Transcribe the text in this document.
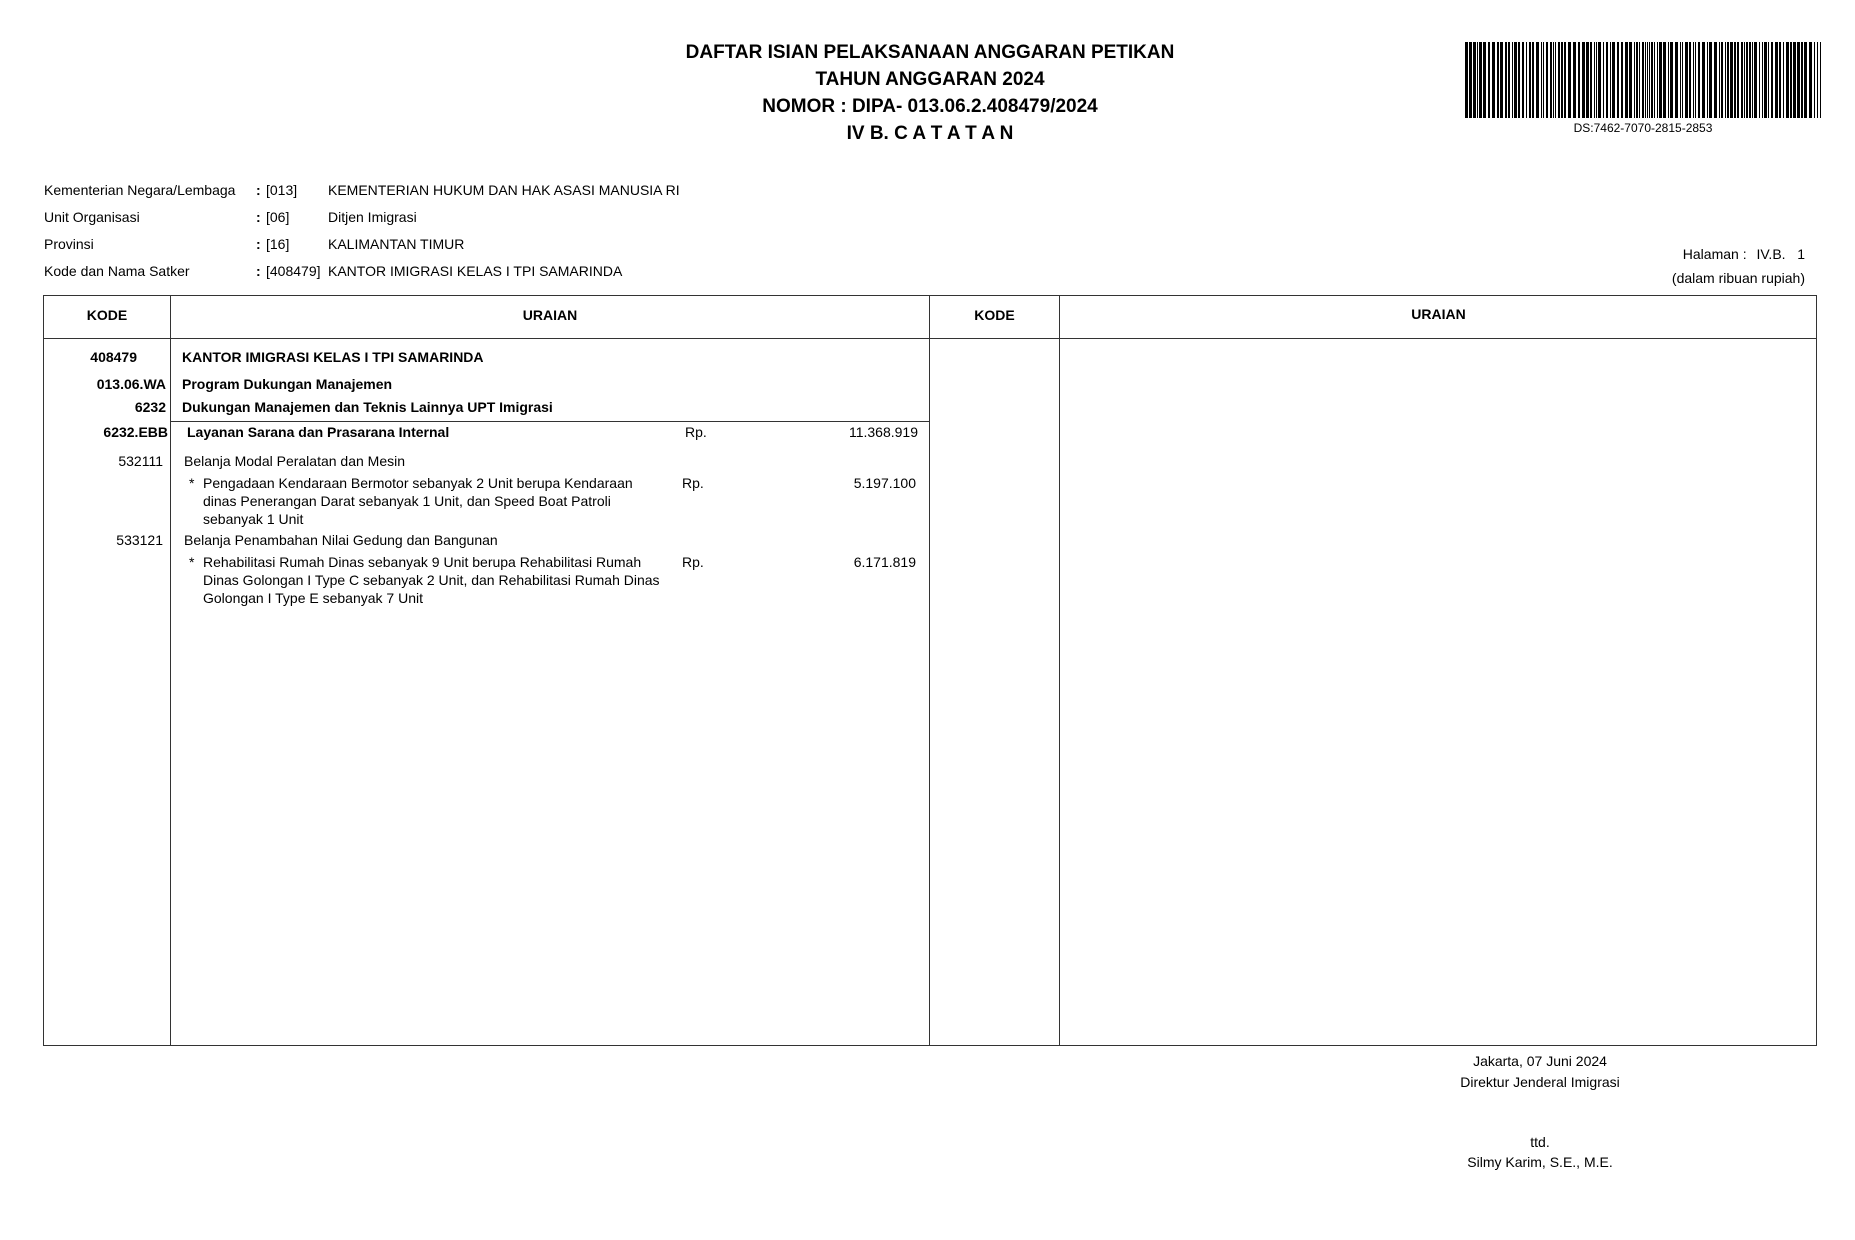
DAFTAR ISIAN PELAKSANAAN ANGGARAN PETIKAN
TAHUN ANGGARAN 2024
NOMOR : DIPA- 013.06.2.408479/2024
IV B. C A T A T A N	DS:7462-7070-2815-2853
Kementerian Negara/Lembaga : [013] KEMENTERIAN HUKUM DAN HAK ASASI MANUSIA RI
Unit Organisasi	: [06]	Ditjen Imigrasi
Provinsi	: [16]	KALIMANTAN TIMUR
Kode dan Nama Satker	: [408479] KANTOR IMIGRASI KELAS I TPI SAMARINDA
Halaman : IV.B.   1
(dalam ribuan rupiah)
KODE	URAIAN	KODE	URAIAN
408479	KANTOR IMIGRASI KELAS I TPI SAMARINDA
013.06.WA Program Dukungan Manajemen
6232 Dukungan Manajemen dan Teknis Lainnya UPT Imigrasi
6232.EBB Layanan Sarana dan Prasarana Internal	Rp.	11.368.919
532111 Belanja Modal Peralatan dan Mesin
* Pengadaan Kendaraan Bermotor sebanyak 2 Unit berupa Kendaraan
dinas Penerangan Darat sebanyak 1 Unit, dan Speed Boat Patroli
sebanyak 1 Unit
Rp.	5.197.100
533121 Belanja Penambahan Nilai Gedung dan Bangunan
* Rehabilitasi Rumah Dinas sebanyak 9 Unit berupa Rehabilitasi Rumah
Dinas Golongan I Type C sebanyak 2 Unit, dan Rehabilitasi Rumah Dinas
Golongan I Type E sebanyak 7 Unit
Rp.	6.171.819
Jakarta, 07 Juni 2024
Direktur Jenderal Imigrasi
ttd.
Silmy Karim, S.E., M.E.
